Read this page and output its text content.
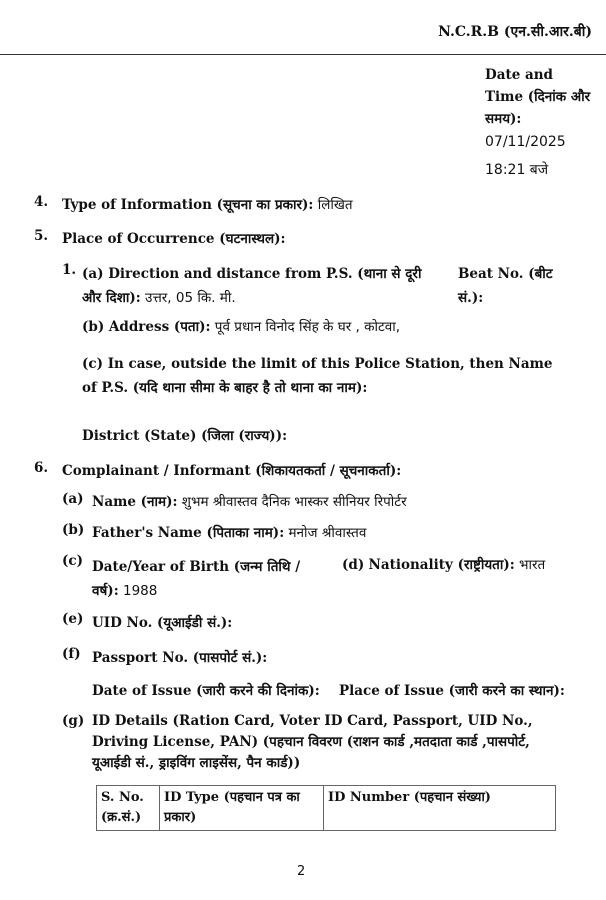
N.C.R.B (एन.सी.आर.बी)
Date and Time (दिनांक और समय):
07/11/2025
18:21 बजे
4. Type of Information (सूचना का प्रकार): लिखित
5. Place of Occurrence (घटनास्थल):
1. (a) Direction and distance from P.S. (थाना से दूरी और दिशा): उत्तर, 05 कि. मी.
Beat No. (बीट सं.):
(b) Address (पता): पूर्व प्रधान विनोद सिंह के घर , कोटवा,
(c) In case, outside the limit of this Police Station, then Name of P.S. (यदि थाना सीमा के बाहर है तो थाना का नाम):
District (State) (जिला (राज्य)):
6. Complainant / Informant (शिकायतकर्ता / सूचनाकर्ता):
(a) Name (नाम): शुभम श्रीवास्तव दैनिक भास्कर सीनियर रिपोर्टर
(b) Father's Name (पिताका नाम): मनोज श्रीवास्तव
(c) Date/Year of Birth (जन्म तिथि / वर्ष): 1988
(d) Nationality (राष्ट्रीयता): भारत
(e) UID No. (यूआईडी सं.):
(f) Passport No. (पासपोर्ट सं.):
Date of Issue (जारी करने की दिनांक): Place of Issue (जारी करने का स्थान):
(g) ID Details (Ration Card, Voter ID Card, Passport, UID No., Driving License, PAN) (पहचान विवरण (राशन कार्ड ,मतदाता कार्ड ,पासपोर्ट, यूआईडी सं., ड्राइविंग लाइसेंस, पैन कार्ड))
S. No. (क्र.सं.)	ID Type (पहचान पत्र का प्रकार)	ID Number (पहचान संख्या)
2
